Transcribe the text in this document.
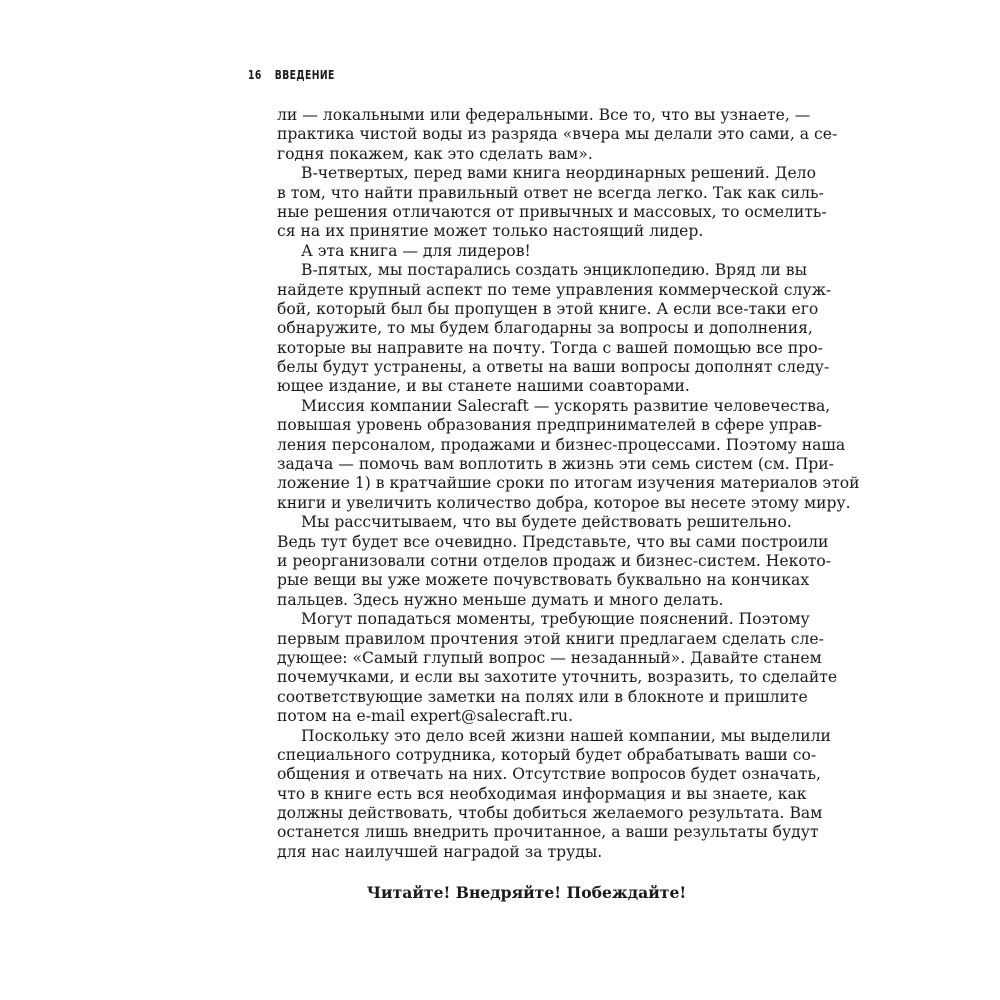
16 ВВЕДЕНИЕ
ли — локальными или федеральными. Все то, что вы узнаете, —
практика чистой воды из разряда «вчера мы делали это сами, а се-
годня покажем, как это сделать вам».
В-четвертых, перед вами книга неординарных решений. Дело
в том, что найти правильный ответ не всегда легко. Так как силь-
ные решения отличаются от привычных и массовых, то осмелить-
ся на их принятие может только настоящий лидер.
А эта книга — для лидеров!
В-пятых, мы постарались создать энциклопедию. Вряд ли вы
найдете крупный аспект по теме управления коммерческой служ-
бой, который был бы пропущен в этой книге. А если все-таки его
обнаружите, то мы будем благодарны за вопросы и дополнения,
которые вы направите на почту. Тогда с вашей помощью все про-
белы будут устранены, а ответы на ваши вопросы дополнят следу-
ющее издание, и вы станете нашими соавторами.
Миссия компании Salecraft — ускорять развитие человечества,
повышая уровень образования предпринимателей в сфере управ-
ления персоналом, продажами и бизнес-процессами. Поэтому наша
задача — помочь вам воплотить в жизнь эти семь систем (см. При-
ложение 1) в кратчайшие сроки по итогам изучения материалов этой
книги и увеличить количество добра, которое вы несете этому миру.
Мы рассчитываем, что вы будете действовать решительно.
Ведь тут будет все очевидно. Представьте, что вы сами построили
и реорганизовали сотни отделов продаж и бизнес-систем. Некото-
рые вещи вы уже можете почувствовать буквально на кончиках
пальцев. Здесь нужно меньше думать и много делать.
Могут попадаться моменты, требующие пояснений. Поэтому
первым правилом прочтения этой книги предлагаем сделать сле-
дующее: «Самый глупый вопрос — незаданный». Давайте станем
почемучками, и если вы захотите уточнить, возразить, то сделайте
соответствующие заметки на полях или в блокноте и пришлите
потом на e-mail expert@salecraft.ru.
Поскольку это дело всей жизни нашей компании, мы выделили
специального сотрудника, который будет обрабатывать ваши со-
общения и отвечать на них. Отсутствие вопросов будет означать,
что в книге есть вся необходимая информация и вы знаете, как
должны действовать, чтобы добиться желаемого результата. Вам
останется лишь внедрить прочитанное, а ваши результаты будут
для нас наилучшей наградой за труды.
Читайте! Внедряйте! Побеждайте!
